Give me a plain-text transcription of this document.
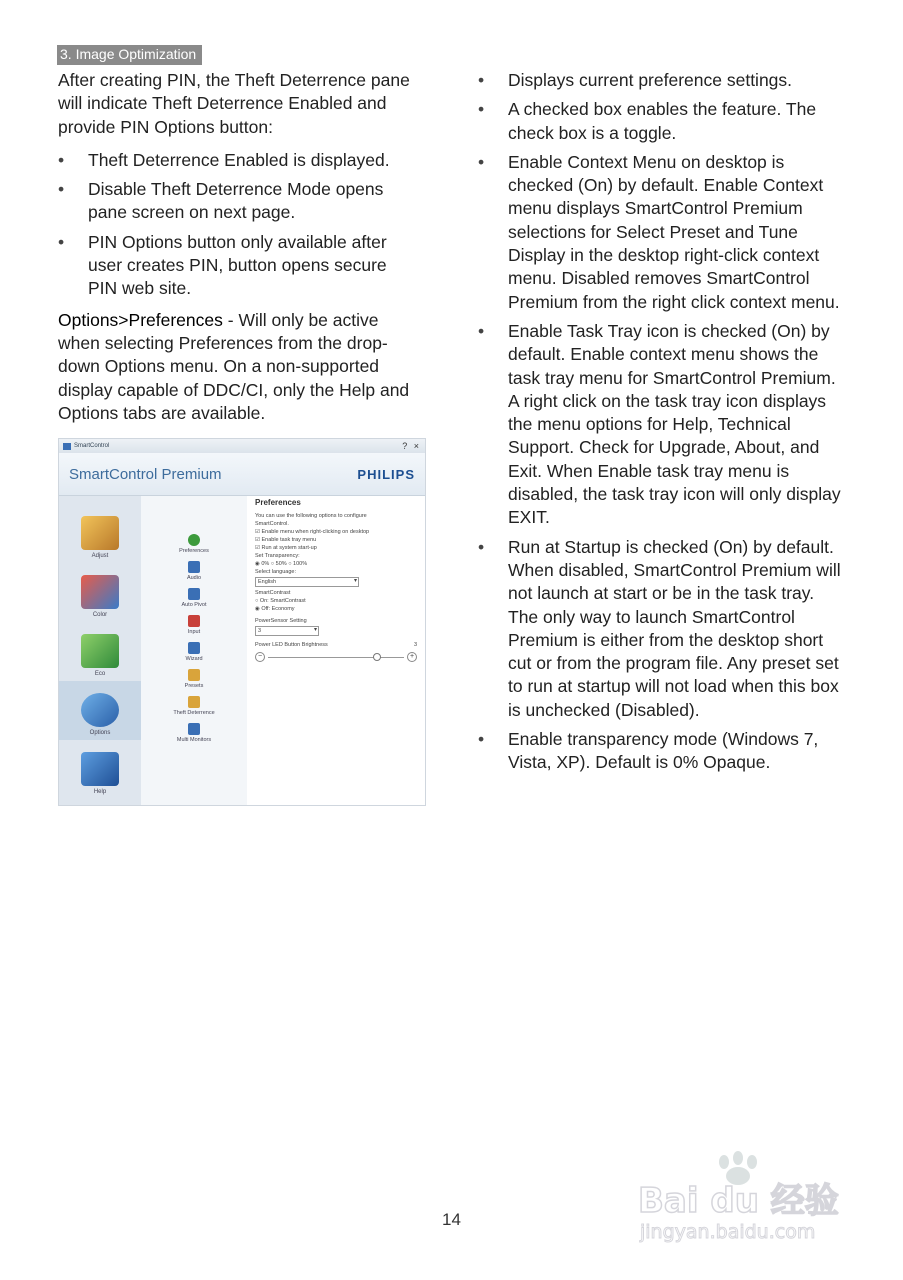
3. Image Optimization

After creating PIN, the Theft Deterrence pane will indicate Theft Deterrence Enabled and provide PIN Options button:

• Theft Deterrence Enabled is displayed.
• Disable Theft Deterrence Mode opens pane screen on next page.
• PIN Options button only available after user creates PIN, button opens secure PIN web site.

Options>Preferences - Will only be active when selecting Preferences from the drop-down Options menu. On a non-supported display capable of DDC/CI, only the Help and Options tabs are available.

SmartControl	? ×
SmartControl Premium	PHILIPS
Adjust
Color
Eco
Options
Help
Preferences
Audio
Auto Pivot
Input
Wizard
Presets
Theft Deterrence
Multi Monitors
Preferences
You can use the following options to configure
SmartControl.
☑ Enable menu when right-clicking on desktop
☑ Enable task tray menu
☑ Run at system start-up
Set Transparency:
◉ 0% ○ 50% ○ 100%
Select language:
English ▾
SmartContrast
○ On: SmartContrast
◉ Off: Economy
PowerSensor Setting
3 ▾
Power LED Button Brightness	3
−	+
• Displays current preference settings.
• A checked box enables the feature. The check box is a toggle.
• Enable Context Menu on desktop is checked (On) by default. Enable Context menu displays SmartControl Premium selections for Select Preset and Tune Display in the desktop right-click context menu. Disabled removes SmartControl Premium from the right click context menu.
• Enable Task Tray icon is checked (On) by default. Enable context menu shows the task tray menu for SmartControl Premium. A right click on the task tray icon displays the menu options for Help, Technical Support. Check for Upgrade, About, and Exit. When Enable task tray menu is disabled, the task tray icon will only display EXIT.
• Run at Startup is checked (On) by default. When disabled, SmartControl Premium will not launch at start or be in the task tray. The only way to launch SmartControl Premium is either from the desktop short cut or from the program file. Any preset set to run at startup will not load when this box is unchecked (Disabled).
• Enable transparency mode (Windows 7, Vista, XP). Default is 0% Opaque.
14	Bai du 经验
jingyan.baidu.com
